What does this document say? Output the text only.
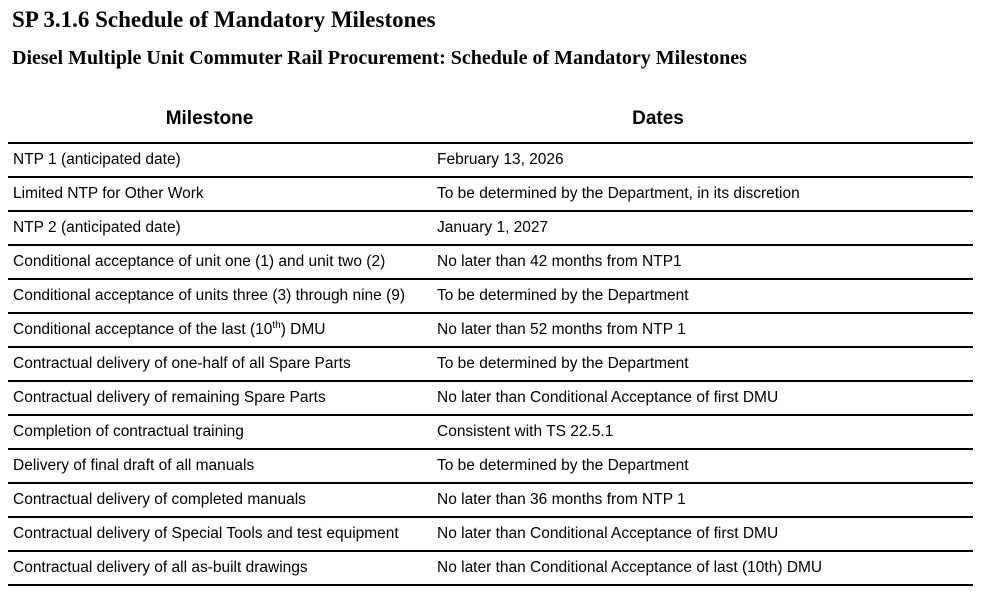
SP 3.1.6 Schedule of Mandatory Milestones
Diesel Multiple Unit Commuter Rail Procurement: Schedule of Mandatory Milestones
Milestone	Dates
NTP 1 (anticipated date)	February 13, 2026
Limited NTP for Other Work	To be determined by the Department, in its discretion
NTP 2 (anticipated date)	January 1, 2027
Conditional acceptance of unit one (1) and unit two (2)	No later than 42 months from NTP1
Conditional acceptance of units three (3) through nine (9)	To be determined by the Department
Conditional acceptance of the last (10th) DMU	No later than 52 months from NTP 1
Contractual delivery of one-half of all Spare Parts	To be determined by the Department
Contractual delivery of remaining Spare Parts	No later than Conditional Acceptance of first DMU
Completion of contractual training	Consistent with TS 22.5.1
Delivery of final draft of all manuals	To be determined by the Department
Contractual delivery of completed manuals	No later than 36 months from NTP 1
Contractual delivery of Special Tools and test equipment	No later than Conditional Acceptance of first DMU
Contractual delivery of all as-built drawings	No later than Conditional Acceptance of last (10th) DMU
